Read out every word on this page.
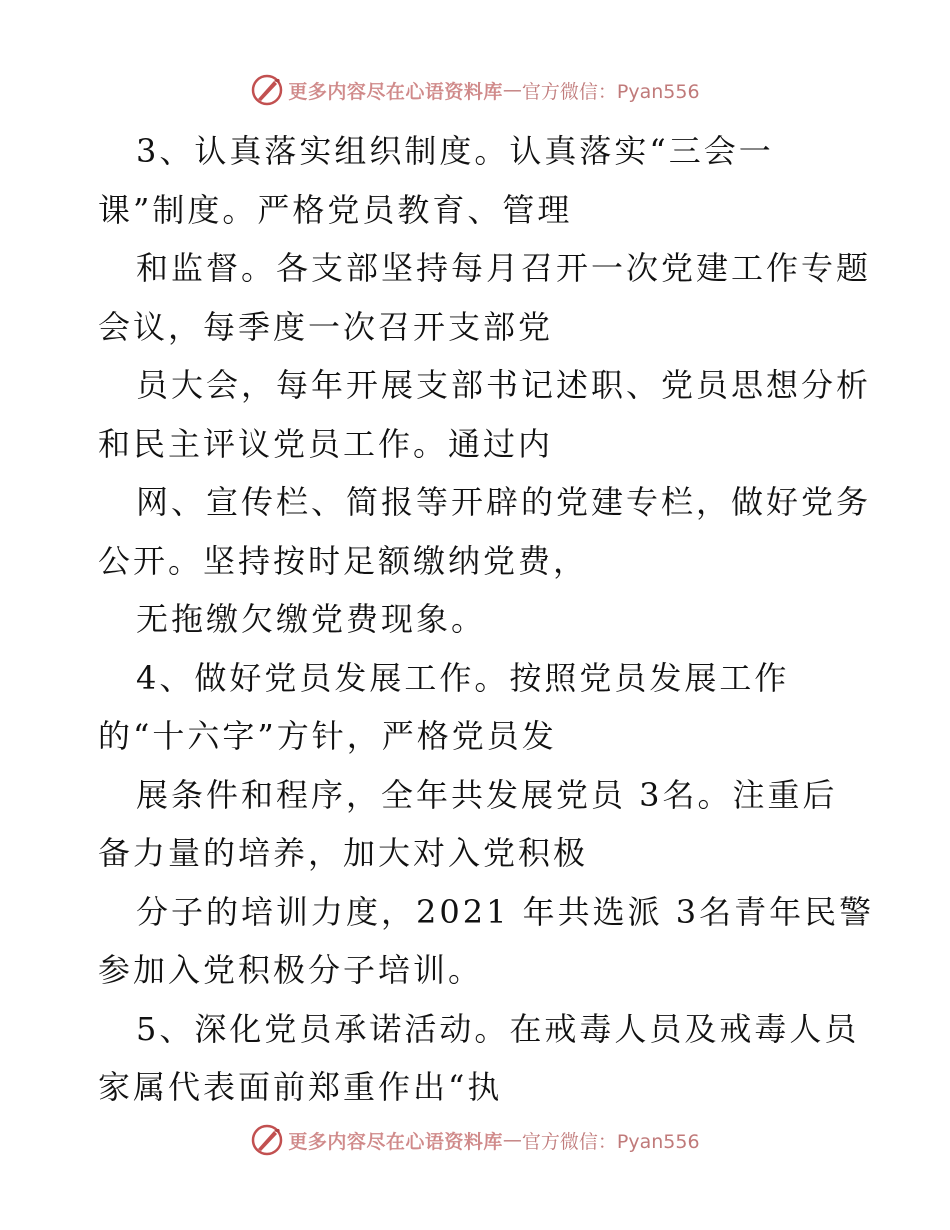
更多内容尽在心语资料库 — 官方微信：Pyan556
3、认真落实组织制度。认真落实“三会一
课”制度。严格党员教育、管理
和监督。各支部坚持每月召开一次党建工作专题
会议，每季度一次召开支部党
员大会，每年开展支部书记述职、党员思想分析
和民主评议党员工作。通过内
网、宣传栏、简报等开辟的党建专栏，做好党务
公开。坚持按时足额缴纳党费，
无拖缴欠缴党费现象。
4、做好党员发展工作。按照党员发展工作
的“十六字”方针，严格党员发
展条件和程序，全年共发展党员 3名。注重后
备力量的培养，加大对入党积极
分子的培训力度，2021 年共选派 3名青年民警
参加入党积极分子培训。
5、深化党员承诺活动。在戒毒人员及戒毒人员
家属代表面前郑重作出“执
更多内容尽在心语资料库 — 官方微信：Pyan556
